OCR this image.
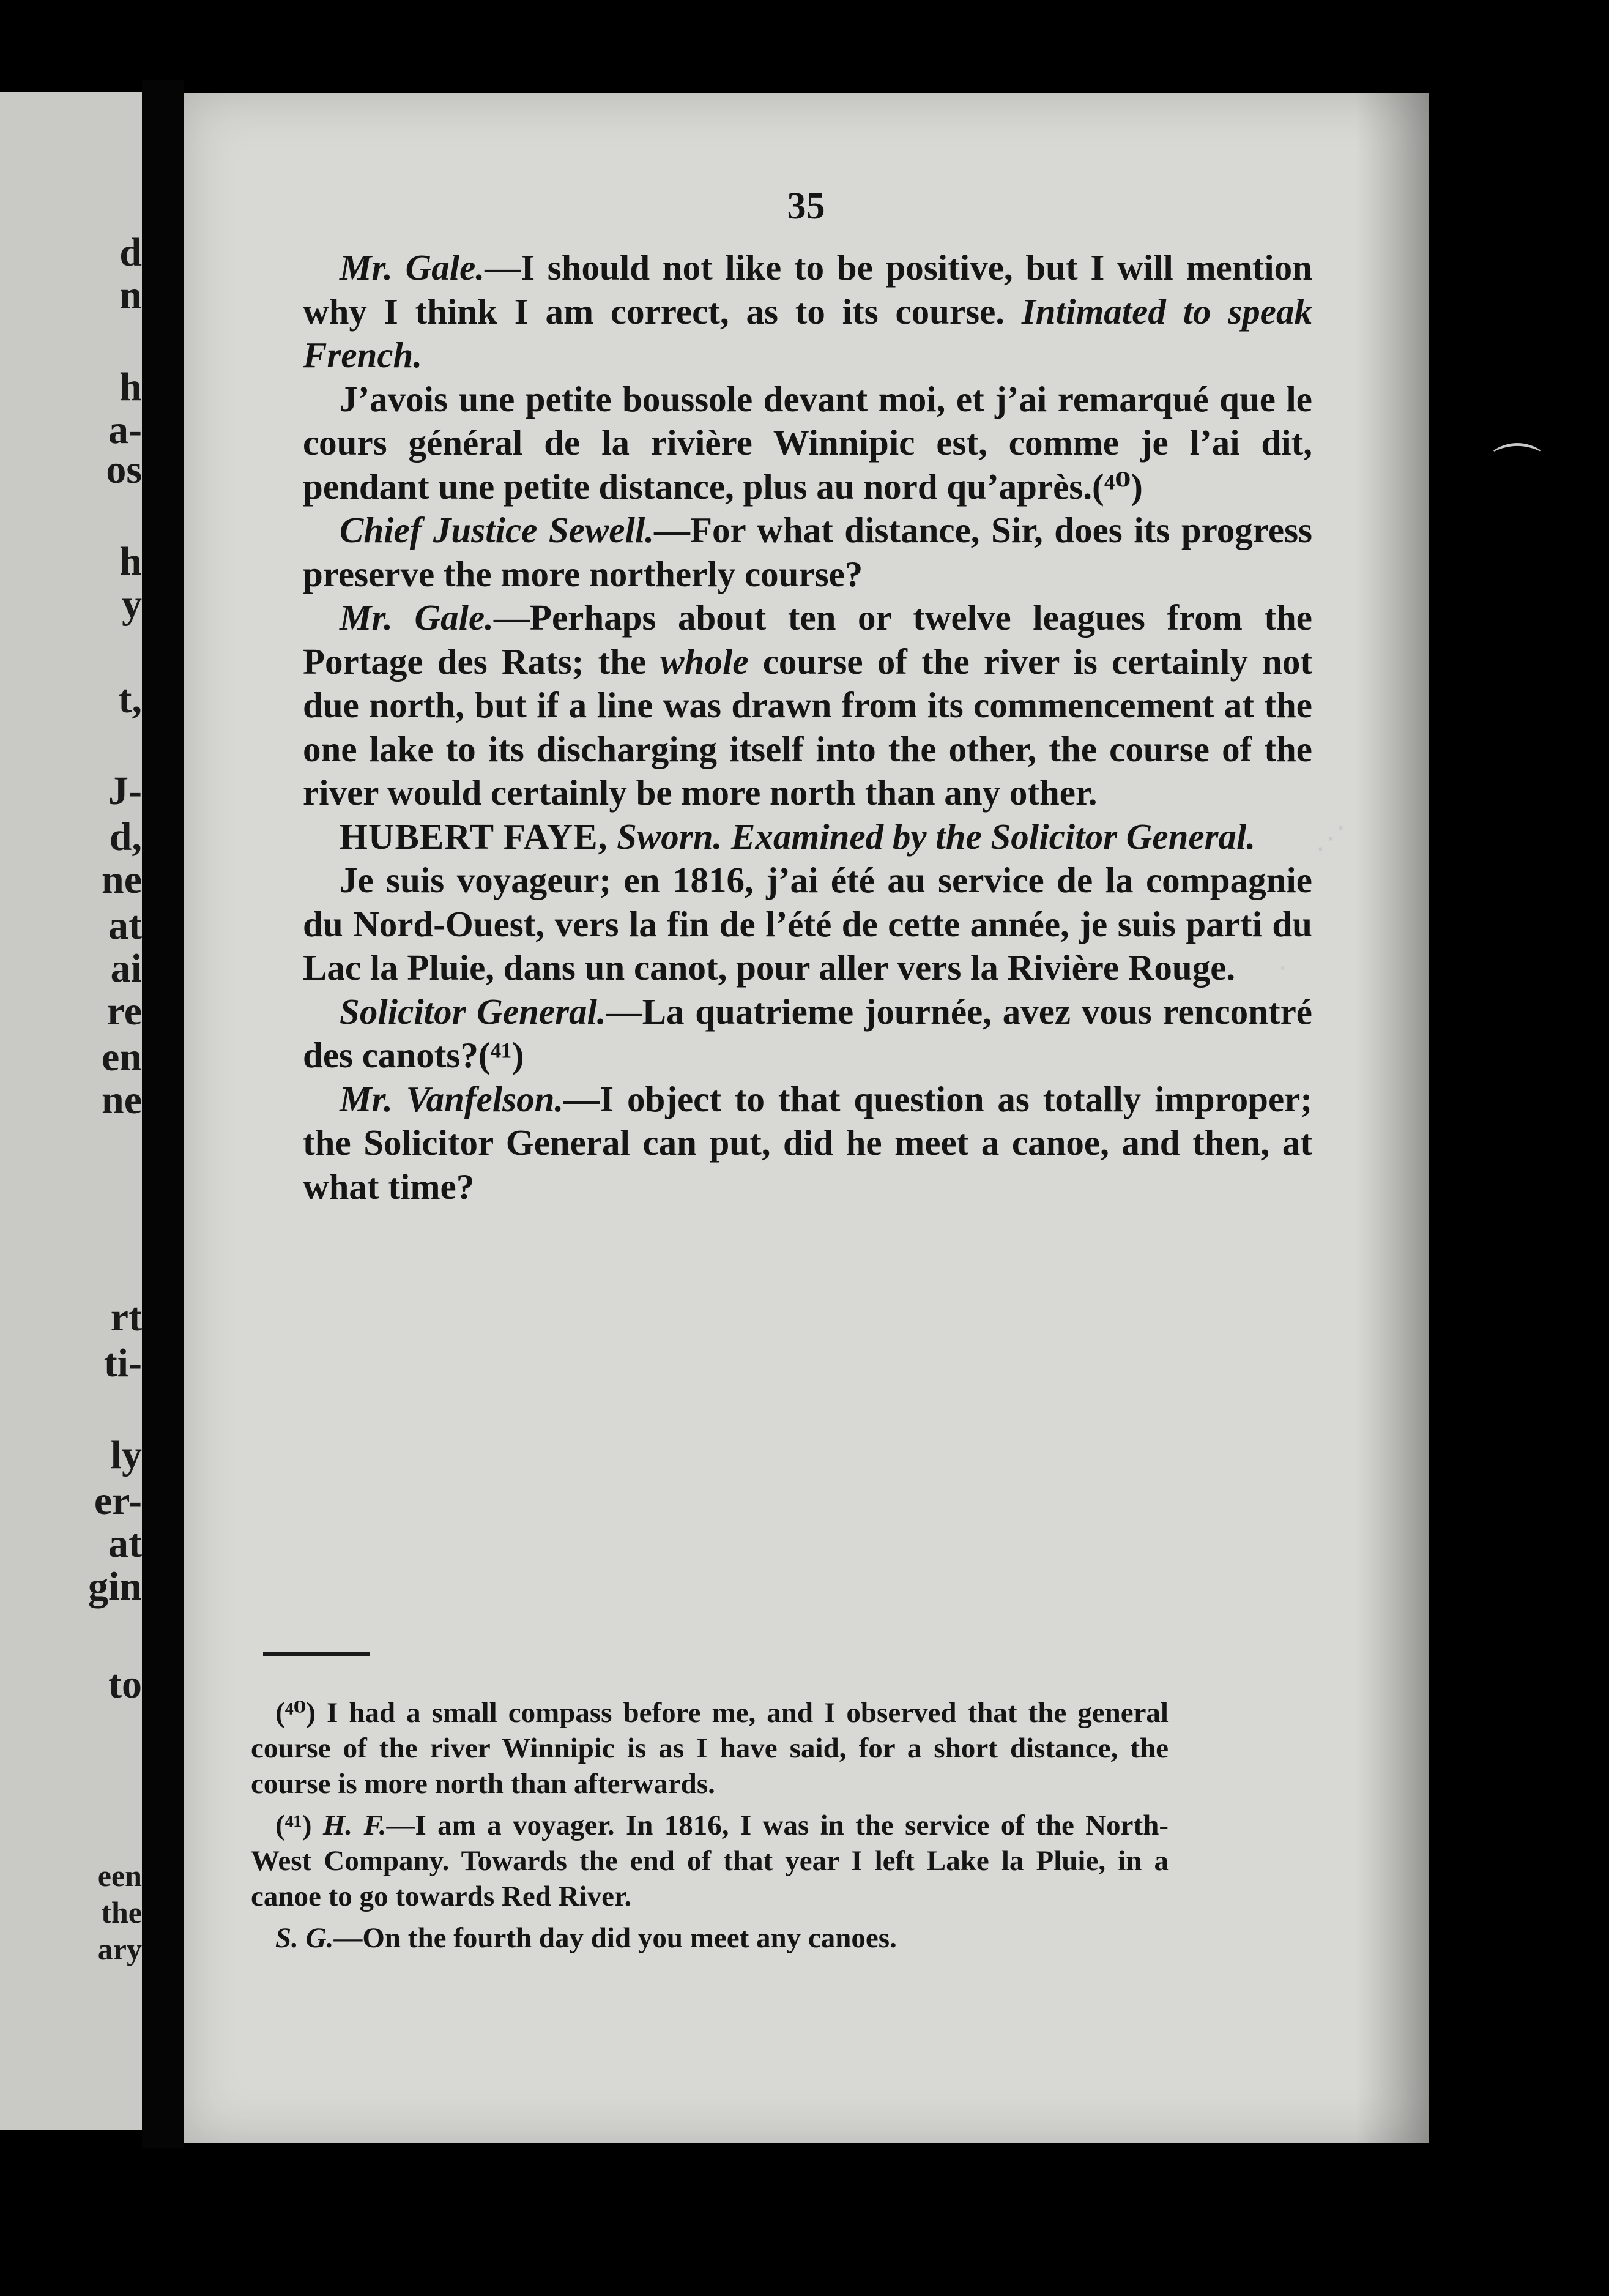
d
n
h
a-
os
h
y
t,
J-
d,
ne
at
ai
re
en
ne
rt
ti-
ly
er-
at
gin
to
een
the
ary
35

Mr. Gale.—I should not like to be positive, but I will mention why I think I am correct, as to its course. Intimated to speak French.

J’avois une petite boussole devant moi, et j’ai remarqué que le cours général de la rivière Winnipic est, comme je l’ai dit, pendant une petite distance, plus au nord qu’après.(⁴⁰)

Chief Justice Sewell.—For what distance, Sir, does its progress preserve the more northerly course?

Mr. Gale.—Perhaps about ten or twelve leagues from the Portage des Rats; the whole course of the river is certainly not due north, but if a line was drawn from its commencement at the one lake to its discharging itself into the other, the course of the river would certainly be more north than any other.

HUBERT FAYE, Sworn. Examined by the Solicitor General.

Je suis voyageur; en 1816, j’ai été au service de la compagnie du Nord-Ouest, vers la fin de l’été de cette année, je suis parti du Lac la Pluie, dans un canot, pour aller vers la Rivière Rouge.

Solicitor General.—La quatrieme journée, avez vous rencontré des canots?(⁴¹)

Mr. Vanfelson.—I object to that question as totally improper; the Solicitor General can put, did he meet a canoe, and then, at what time?

(⁴⁰) I had a small compass before me, and I observed that the general course of the river Winnipic is as I have said, for a short distance, the course is more north than afterwards.

(⁴¹) H. F.—I am a voyager. In 1816, I was in the service of the North-West Company. Towards the end of that year I left Lake la Pluie, in a canoe to go towards Red River.

S. G.—On the fourth day did you meet any canoes.

⌒
⋰
·
